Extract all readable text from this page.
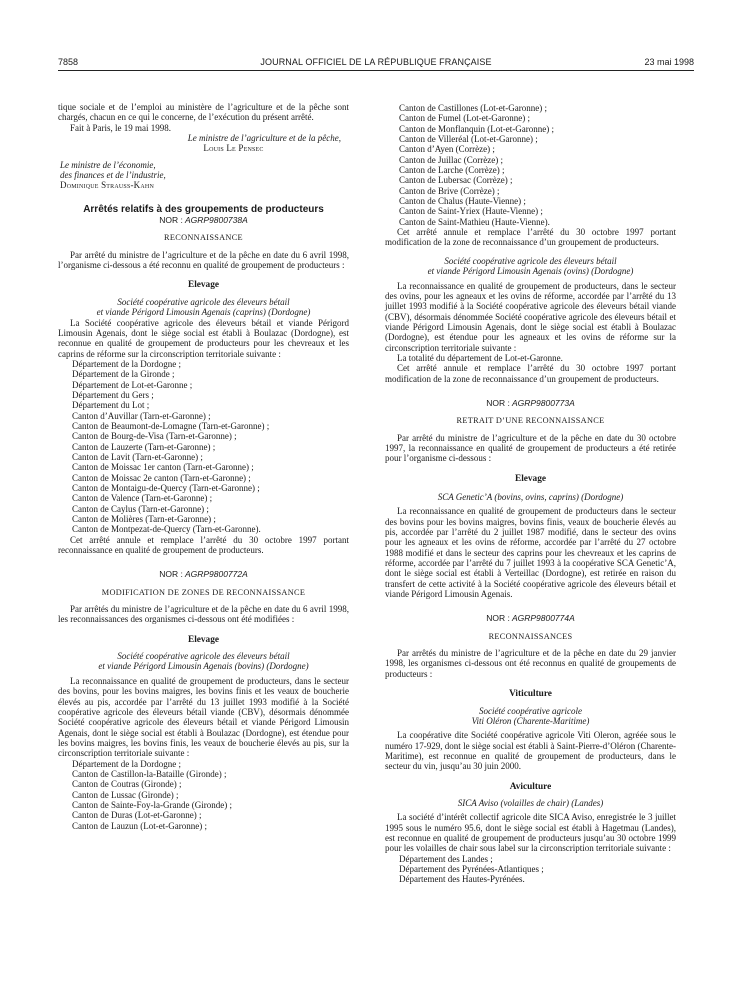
7858	JOURNAL OFFICIEL DE LA RÉPUBLIQUE FRANÇAISE	23 mai 1998

tique sociale et de l’emploi au ministère de l’agriculture et de la pêche sont chargés, chacun en ce qui le concerne, de l’exécution du présent arrêté.

Fait à Paris, le 19 mai 1998.

Le ministre de l’agriculture et de la pêche,

Louis Le Pensec

Le ministre de l’économie,

des finances et de l’industrie,

Dominique Strauss-Kahn

Arrêtés relatifs à des groupements de producteurs

NOR : AGRP9800738A

RECONNAISSANCE

Par arrêté du ministre de l’agriculture et de la pêche en date du 6 avril 1998, l’organisme ci-dessous a été reconnu en qualité de groupement de producteurs :

Elevage

Société coopérative agricole des éleveurs bétail

et viande Périgord Limousin Agenais (caprins) (Dordogne)

La Société coopérative agricole des éleveurs bétail et viande Périgord Limousin Agenais, dont le siège social est établi à Boulazac (Dordogne), est reconnue en qualité de groupement de producteurs pour les chevreaux et les caprins de réforme sur la circonscription territoriale suivante :

Département de la Dordogne ;
Département de la Gironde ;
Département de Lot-et-Garonne ;
Département du Gers ;
Département du Lot ;
Canton d’Auvillar (Tarn-et-Garonne) ;
Canton de Beaumont-de-Lomagne (Tarn-et-Garonne) ;
Canton de Bourg-de-Visa (Tarn-et-Garonne) ;
Canton de Lauzerte (Tarn-et-Garonne) ;
Canton de Lavit (Tarn-et-Garonne) ;
Canton de Moissac 1er canton (Tarn-et-Garonne) ;
Canton de Moissac 2e canton (Tarn-et-Garonne) ;
Canton de Montaigu-de-Quercy (Tarn-et-Garonne) ;
Canton de Valence (Tarn-et-Garonne) ;
Canton de Caylus (Tarn-et-Garonne) ;
Canton de Molières (Tarn-et-Garonne) ;
Canton de Montpezat-de-Quercy (Tarn-et-Garonne).

Cet arrêté annule et remplace l’arrêté du 30 octobre 1997 portant reconnaissance en qualité de groupement de producteurs.

NOR : AGRP9800772A

MODIFICATION DE ZONES DE RECONNAISSANCE

Par arrêtés du ministre de l’agriculture et de la pêche en date du 6 avril 1998, les reconnaissances des organismes ci-dessous ont été modifiées :

Elevage

Société coopérative agricole des éleveurs bétail

et viande Périgord Limousin Agenais (bovins) (Dordogne)

La reconnaissance en qualité de groupement de producteurs, dans le secteur des bovins, pour les bovins maigres, les bovins finis et les veaux de boucherie élevés au pis, accordée par l’arrêté du 13 juillet 1993 modifié à la Société coopérative agricole des éleveurs bétail viande (CBV), désormais dénommée Société coopérative agricole des éleveurs bétail et viande Périgord Limousin Agenais, dont le siège social est établi à Boulazac (Dordogne), est étendue pour les bovins maigres, les bovins finis, les veaux de boucherie élevés au pis, sur la circonscription territoriale suivante :

Département de la Dordogne ;
Canton de Castillon-la-Bataille (Gironde) ;
Canton de Coutras (Gironde) ;
Canton de Lussac (Gironde) ;
Canton de Sainte-Foy-la-Grande (Gironde) ;
Canton de Duras (Lot-et-Garonne) ;
Canton de Lauzun (Lot-et-Garonne) ;
Canton de Castillones (Lot-et-Garonne) ;
Canton de Fumel (Lot-et-Garonne) ;
Canton de Monflanquin (Lot-et-Garonne) ;
Canton de Villeréal (Lot-et-Garonne) ;
Canton d’Ayen (Corrèze) ;
Canton de Juillac (Corrèze) ;
Canton de Larche (Corrèze) ;
Canton de Lubersac (Corrèze) ;
Canton de Brive (Corrèze) ;
Canton de Chalus (Haute-Vienne) ;
Canton de Saint-Yriex (Haute-Vienne) ;
Canton de Saint-Mathieu (Haute-Vienne).

Cet arrêté annule et remplace l’arrêté du 30 octobre 1997 portant modification de la zone de reconnaissance d’un groupement de producteurs.

Société coopérative agricole des éleveurs bétail

et viande Périgord Limousin Agenais (ovins) (Dordogne)

La reconnaissance en qualité de groupement de producteurs, dans le secteur des ovins, pour les agneaux et les ovins de réforme, accordée par l’arrêté du 13 juillet 1993 modifié à la Société coopérative agricole des éleveurs bétail viande (CBV), désormais dénommée Société coopérative agricole des éleveurs bétail et viande Périgord Limousin Agenais, dont le siège social est établi à Boulazac (Dordogne), est étendue pour les agneaux et les ovins de réforme sur la circonscription territoriale suivante :

La totalité du département de Lot-et-Garonne.

Cet arrêté annule et remplace l’arrêté du 30 octobre 1997 portant modification de la zone de reconnaissance d’un groupement de producteurs.

NOR : AGRP9800773A

RETRAIT D’UNE RECONNAISSANCE

Par arrêté du ministre de l’agriculture et de la pêche en date du 30 octobre 1997, la reconnaissance en qualité de groupement de producteurs a été retirée pour l’organisme ci-dessous :

Elevage

SCA Genetic’A (bovins, ovins, caprins) (Dordogne)

La reconnaissance en qualité de groupement de producteurs dans le secteur des bovins pour les bovins maigres, bovins finis, veaux de boucherie élevés au pis, accordée par l’arrêté du 2 juillet 1987 modifié, dans le secteur des ovins pour les agneaux et les ovins de réforme, accordée par l’arrêté du 27 octobre 1988 modifié et dans le secteur des caprins pour les chevreaux et les caprins de réforme, accordée par l’arrêté du 7 juillet 1993 à la coopérative SCA Genetic’A, dont le siège social est établi à Verteillac (Dordogne), est retirée en raison du transfert de cette activité à la Société coopérative agricole des éleveurs bétail et viande Périgord Limousin Agenais.

NOR : AGRP9800774A

RECONNAISSANCES

Par arrêtés du ministre de l’agriculture et de la pêche en date du 29 janvier 1998, les organismes ci-dessous ont été reconnus en qualité de groupements de producteurs :

Viticulture

Société coopérative agricole

Viti Oléron (Charente-Maritime)

La coopérative dite Société coopérative agricole Viti Oleron, agréée sous le numéro 17-929, dont le siège social est établi à Saint-Pierre-d’Oléron (Charente-Maritime), est reconnue en qualité de groupement de producteurs, dans le secteur du vin, jusqu’au 30 juin 2000.

Aviculture

SICA Aviso (volailles de chair) (Landes)

La société d’intérêt collectif agricole dite SICA Aviso, enregistrée le 3 juillet 1995 sous le numéro 95.6, dont le siège social est établi à Hagetmau (Landes), est reconnue en qualité de groupement de producteurs jusqu’au 30 octobre 1999 pour les volailles de chair sous label sur la circonscription territoriale suivante :

Département des Landes ;
Département des Pyrénées-Atlantiques ;
Département des Hautes-Pyrénées.
